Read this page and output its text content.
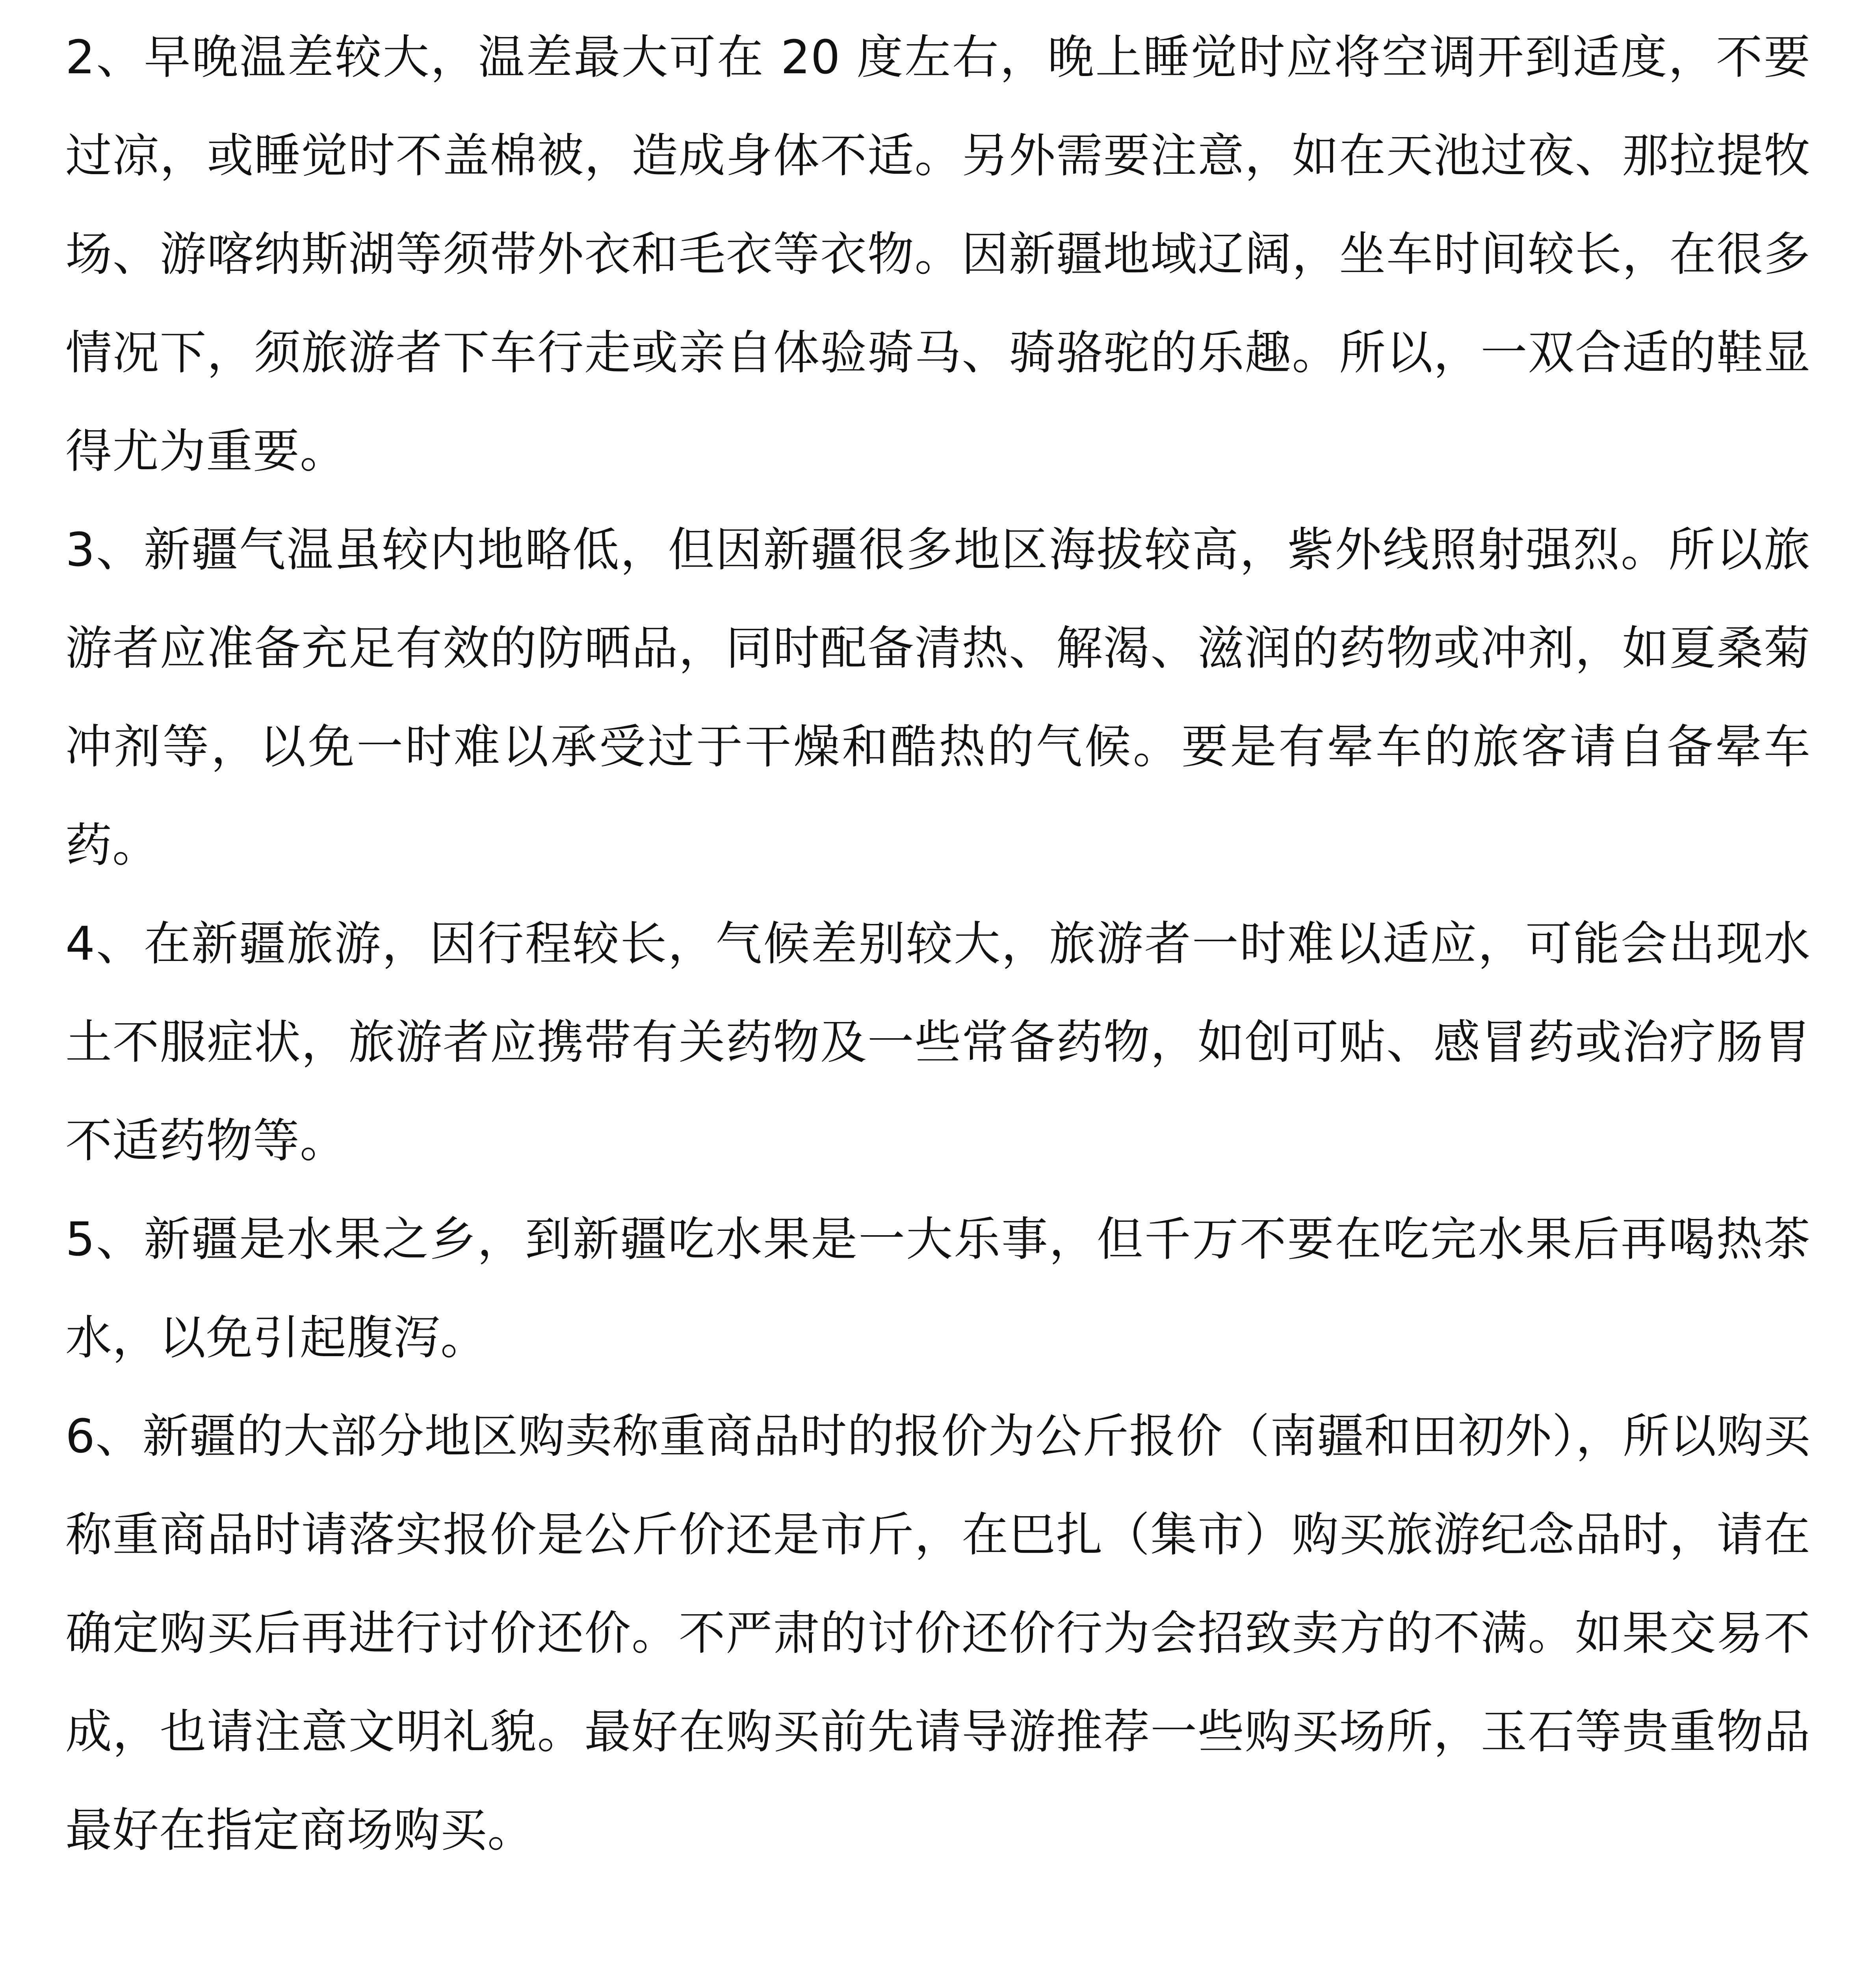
2、早晚温差较大，温差最大可在 20 度左右，晚上睡觉时应将空调开到适度，不要过凉，或睡觉时不盖棉被，造成身体不适。另外需要注意，如在天池过夜、那拉提牧场、游喀纳斯湖等须带外衣和毛衣等衣物。因新疆地域辽阔，坐车时间较长，在很多情况下，须旅游者下车行走或亲自体验骑马、骑骆驼的乐趣。所以，一双合适的鞋显得尤为重要。

3、新疆气温虽较内地略低，但因新疆很多地区海拔较高，紫外线照射强烈。所以旅游者应准备充足有效的防晒品，同时配备清热、解渴、滋润的药物或冲剂，如夏桑菊冲剂等，以免一时难以承受过于干燥和酷热的气候。要是有晕车的旅客请自备晕车药。

4、在新疆旅游，因行程较长，气候差别较大，旅游者一时难以适应，可能会出现水土不服症状，旅游者应携带有关药物及一些常备药物，如创可贴、感冒药或治疗肠胃不适药物等。

5、新疆是水果之乡，到新疆吃水果是一大乐事，但千万不要在吃完水果后再喝热茶水，以免引起腹泻。

6、新疆的大部分地区购卖称重商品时的报价为公斤报价（南疆和田初外），所以购买称重商品时请落实报价是公斤价还是市斤，在巴扎（集市）购买旅游纪念品时，请在确定购买后再进行讨价还价。不严肃的讨价还价行为会招致卖方的不满。如果交易不成，也请注意文明礼貌。最好在购买前先请导游推荐一些购买场所，玉石等贵重物品最好在指定商场购买。
